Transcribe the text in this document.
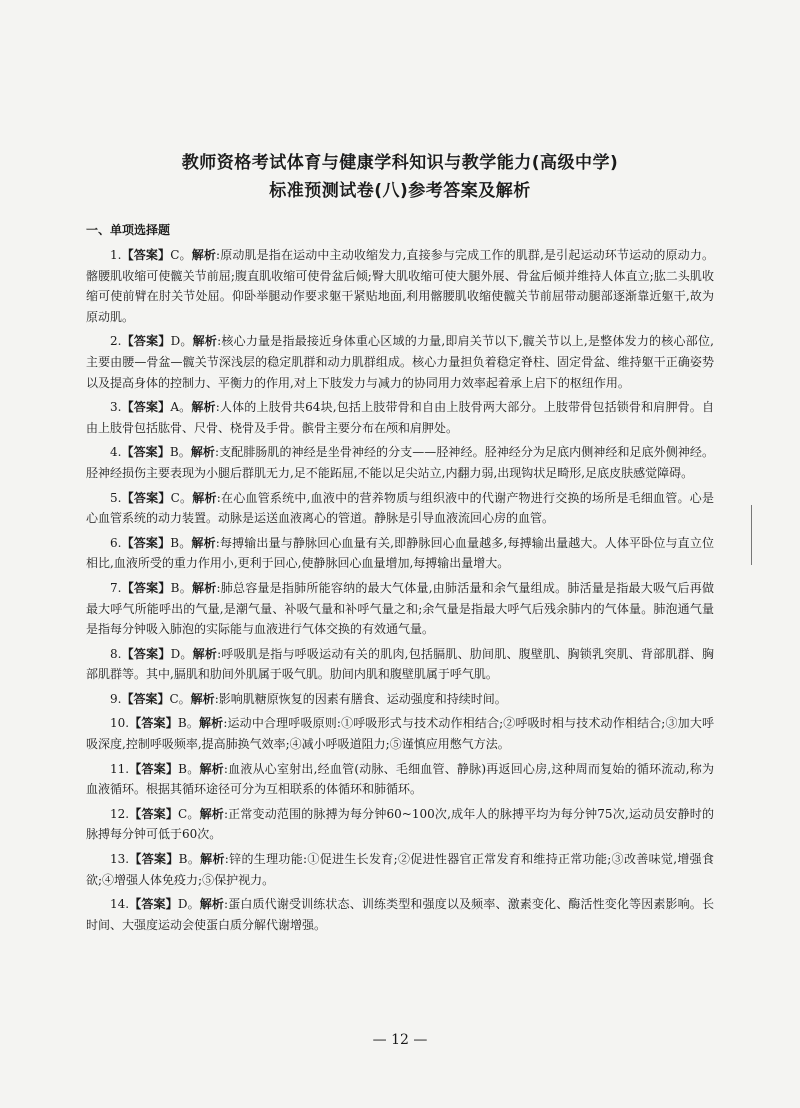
教师资格考试体育与健康学科知识与教学能力(高级中学)
标准预测试卷(八)参考答案及解析
一、单项选择题

1.【答案】C。解析:原动肌是指在运动中主动收缩发力,直接参与完成工作的肌群,是引起运动环节运动的原动力。髂腰肌收缩可使髋关节前屈;腹直肌收缩可使骨盆后倾;臀大肌收缩可使大腿外展、骨盆后倾并维持人体直立;肱二头肌收缩可使前臂在肘关节处屈。仰卧举腿动作要求躯干紧贴地面,利用髂腰肌收缩使髋关节前屈带动腿部逐渐靠近躯干,故为原动肌。

2.【答案】D。解析:核心力量是指最接近身体重心区域的力量,即肩关节以下,髋关节以上,是整体发力的核心部位,主要由腰—骨盆—髋关节深浅层的稳定肌群和动力肌群组成。核心力量担负着稳定脊柱、固定骨盆、维持躯干正确姿势以及提高身体的控制力、平衡力的作用,对上下肢发力与减力的协同用力效率起着承上启下的枢纽作用。

3.【答案】A。解析:人体的上肢骨共64块,包括上肢带骨和自由上肢骨两大部分。上肢带骨包括锁骨和肩胛骨。自由上肢骨包括肱骨、尺骨、桡骨及手骨。髌骨主要分布在颅和肩胛处。

4.【答案】B。解析:支配腓肠肌的神经是坐骨神经的分支——胫神经。胫神经分为足底内侧神经和足底外侧神经。胫神经损伤主要表现为小腿后群肌无力,足不能跖屈,不能以足尖站立,内翻力弱,出现钩状足畸形,足底皮肤感觉障碍。

5.【答案】C。解析:在心血管系统中,血液中的营养物质与组织液中的代谢产物进行交换的场所是毛细血管。心是心血管系统的动力装置。动脉是运送血液离心的管道。静脉是引导血液流回心房的血管。

6.【答案】B。解析:每搏输出量与静脉回心血量有关,即静脉回心血量越多,每搏输出量越大。人体平卧位与直立位相比,血液所受的重力作用小,更利于回心,使静脉回心血量增加,每搏输出量增大。

7.【答案】B。解析:肺总容量是指肺所能容纳的最大气体量,由肺活量和余气量组成。肺活量是指最大吸气后再做最大呼气所能呼出的气量,是潮气量、补吸气量和补呼气量之和;余气量是指最大呼气后残余肺内的气体量。肺泡通气量是指每分钟吸入肺泡的实际能与血液进行气体交换的有效通气量。

8.【答案】D。解析:呼吸肌是指与呼吸运动有关的肌肉,包括膈肌、肋间肌、腹壁肌、胸锁乳突肌、背部肌群、胸部肌群等。其中,膈肌和肋间外肌属于吸气肌。肋间内肌和腹壁肌属于呼气肌。

9.【答案】C。解析:影响肌糖原恢复的因素有膳食、运动强度和持续时间。

10.【答案】B。解析:运动中合理呼吸原则:①呼吸形式与技术动作相结合;②呼吸时相与技术动作相结合;③加大呼吸深度,控制呼吸频率,提高肺换气效率;④减小呼吸道阻力;⑤谨慎应用憋气方法。

11.【答案】B。解析:血液从心室射出,经血管(动脉、毛细血管、静脉)再返回心房,这种周而复始的循环流动,称为血液循环。根据其循环途径可分为互相联系的体循环和肺循环。

12.【答案】C。解析:正常变动范围的脉搏为每分钟60~100次,成年人的脉搏平均为每分钟75次,运动员安静时的脉搏每分钟可低于60次。

13.【答案】B。解析:锌的生理功能:①促进生长发育;②促进性器官正常发育和维持正常功能;③改善味觉,增强食欲;④增强人体免疫力;⑤保护视力。

14.【答案】D。解析:蛋白质代谢受训练状态、训练类型和强度以及频率、激素变化、酶活性变化等因素影响。长时间、大强度运动会使蛋白质分解代谢增强。

— 12 —
